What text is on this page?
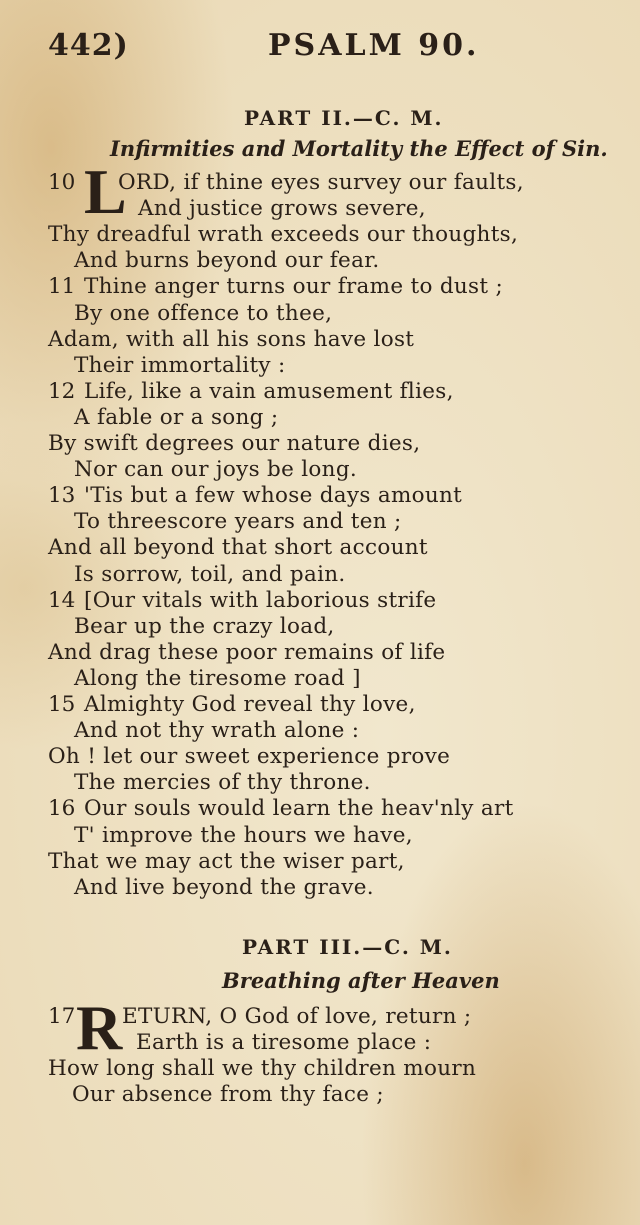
442)	PSALM 90.
PART II.—C. M.
Infirmities and Mortality the Effect of Sin.
10
11
12
13
14
15
16
L
ORD, if thine eyes survey our faults,
And justice grows severe,
Thy dreadful wrath exceeds our thoughts,
And burns beyond our fear.
Thine anger turns our frame to dust ;
By one offence to thee,
Adam, with all his sons have lost
Their immortality :
Life, like a vain amusement flies,
A fable or a song ;
By swift degrees our nature dies,
Nor can our joys be long.
'Tis but a few whose days amount
To threescore years and ten ;
And all beyond that short account
Is sorrow, toil, and pain.
[Our vitals with laborious strife
Bear up the crazy load,
And drag these poor remains of life
Along the tiresome road ]
Almighty God reveal thy love,
And not thy wrath alone :
Oh ! let our sweet experience prove
The mercies of thy throne.
Our souls would learn the heav'nly art
T' improve the hours we have,
That we may act the wiser part,
And live beyond the grave.
PART III.—C. M.
Breathing after Heaven
17 R ETURN, O God of love, return ;
Earth is a tiresome place :
How long shall we thy children mourn
Our absence from thy face ;
